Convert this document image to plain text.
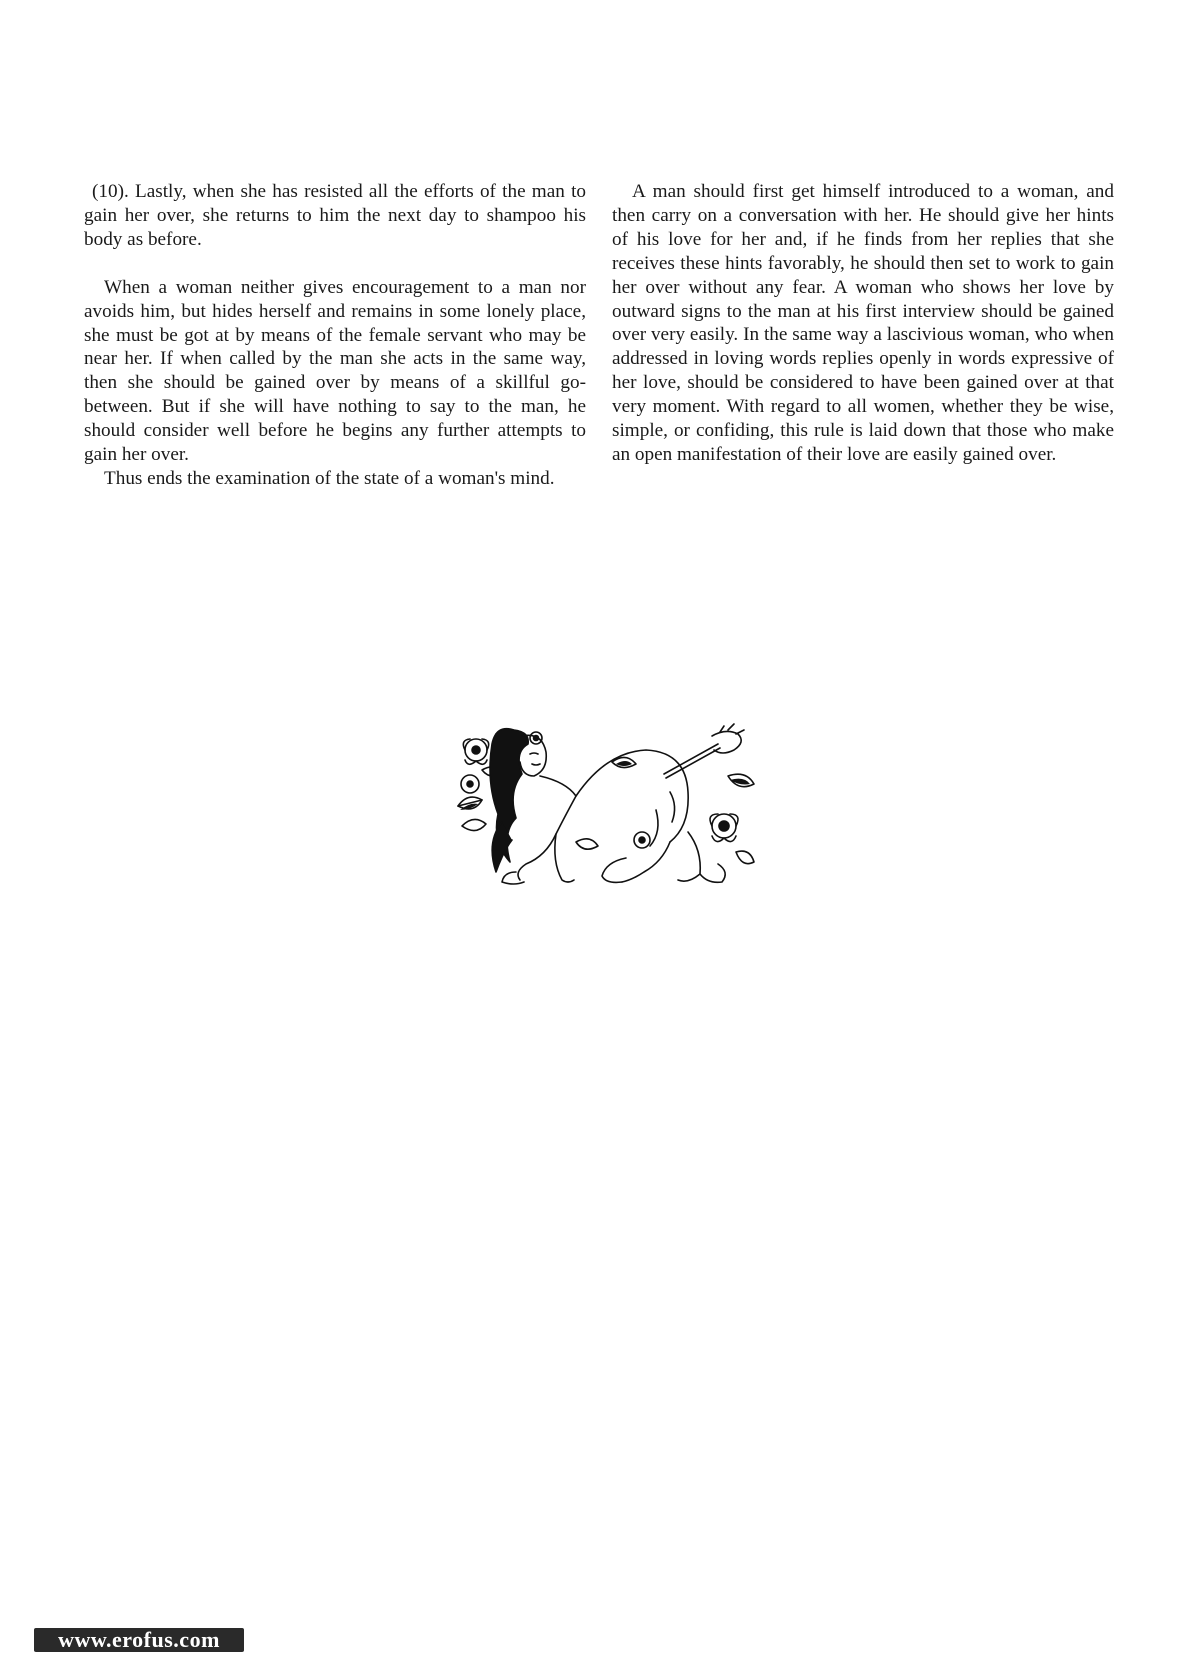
(10). Lastly, when she has resisted all the efforts of the man to gain her over, she returns to him the next day to shampoo his body as before.

When a woman neither gives encouragement to a man nor avoids him, but hides herself and remains in some lonely place, she must be got at by means of the female servant who may be near her. If when called by the man she acts in the same way, then she should be gained over by means of a skillful go-between. But if she will have nothing to say to the man, he should consider well before he begins any further attempts to gain her over.

Thus ends the examination of the state of a woman's mind.

A man should first get himself introduced to a woman, and then carry on a conversation with her. He should give her hints of his love for her and, if he finds from her replies that she receives these hints favorably, he should then set to work to gain her over without any fear. A woman who shows her love by outward signs to the man at his first interview should be gained over very easily. In the same way a lascivious woman, who when addressed in loving words replies openly in words expressive of her love, should be considered to have been gained over at that very moment. With regard to all women, whether they be wise, simple, or confiding, this rule is laid down that those who make an open manifestation of their love are easily gained over.

www.erofus.com
